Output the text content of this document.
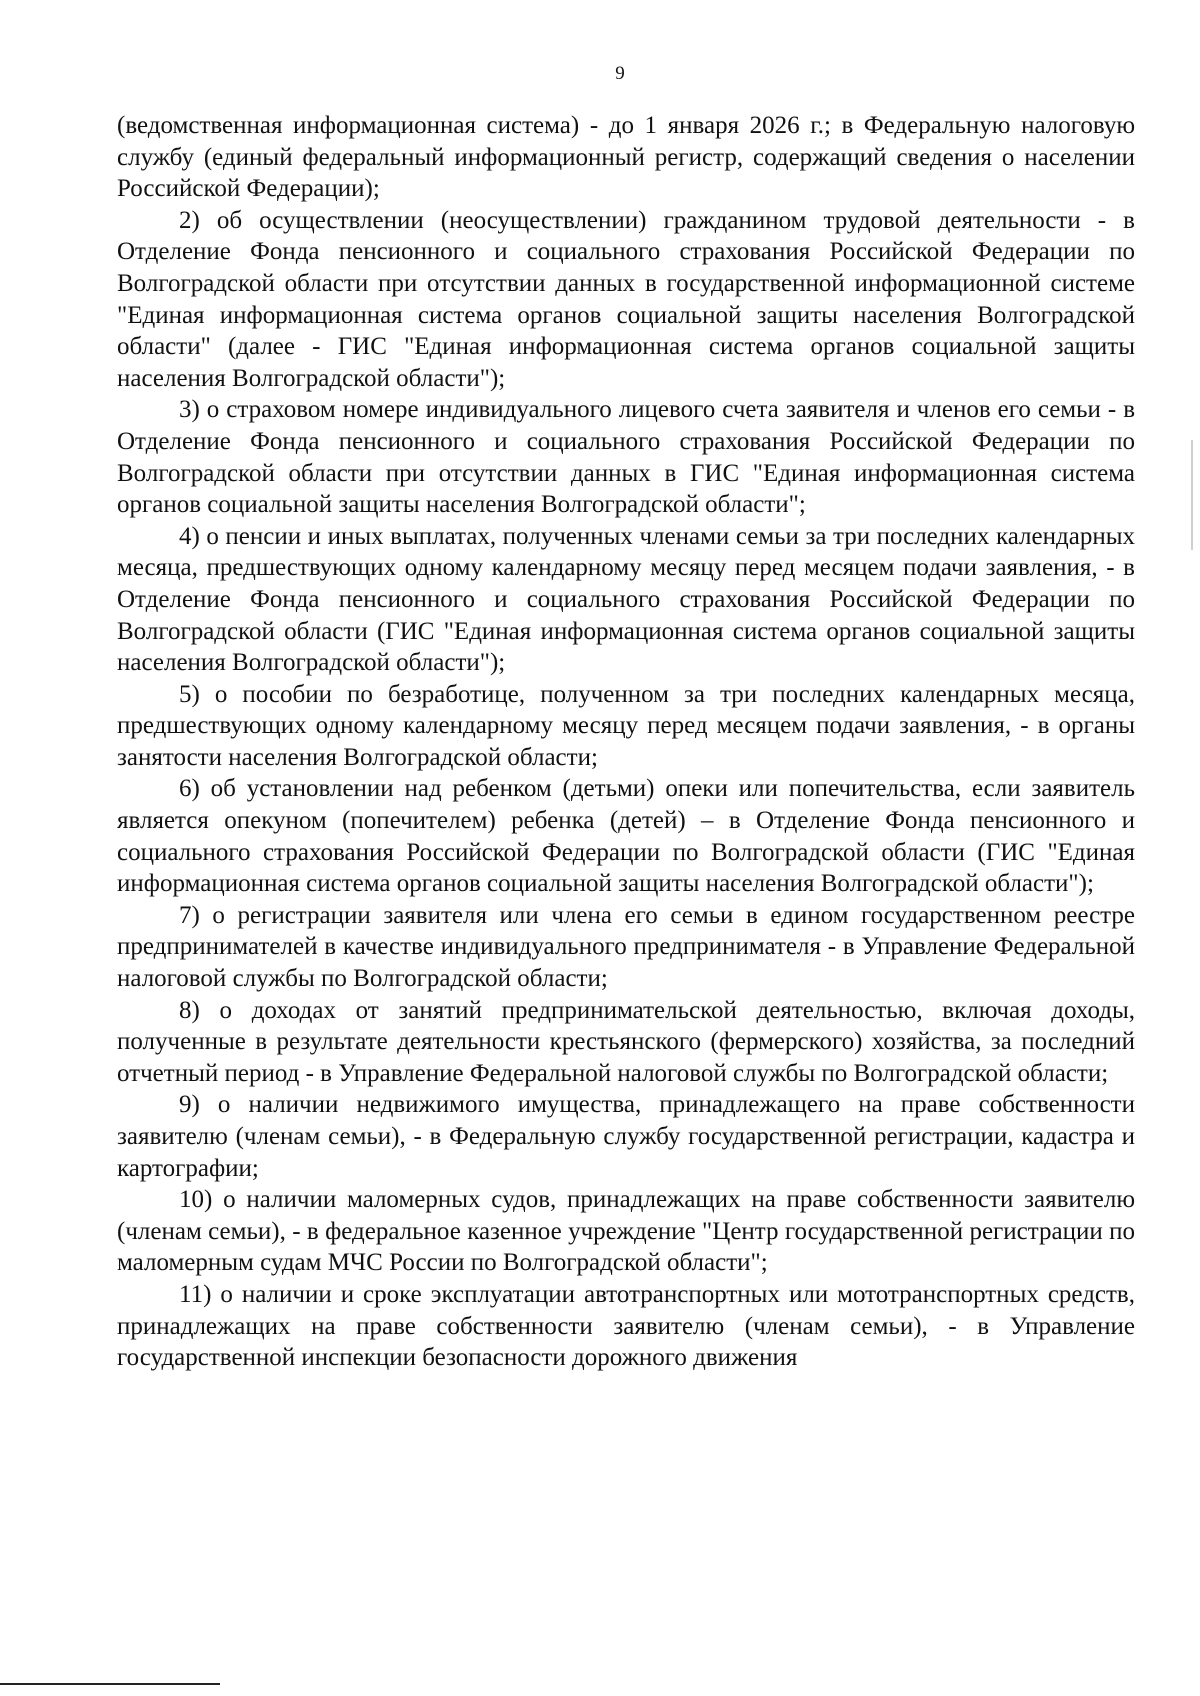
9

(ведомственная информационная система) - до 1 января 2026 г.; в Федеральную налоговую службу (единый федеральный информационный регистр, содержащий сведения о населении Российской Федерации);

2) об осуществлении (неосуществлении) гражданином трудовой деятельности - в Отделение Фонда пенсионного и социального страхования Российской Федерации по Волгоградской области при отсутствии данных в государственной информационной системе "Единая информационная система органов социальной защиты населения Волгоградской области" (далее - ГИС "Единая информационная система органов социальной защиты населения Волгоградской области");

3) о страховом номере индивидуального лицевого счета заявителя и членов его семьи - в Отделение Фонда пенсионного и социального страхования Российской Федерации по Волгоградской области при отсутствии данных в ГИС "Единая информационная система органов социальной защиты населения Волгоградской области";

4) о пенсии и иных выплатах, полученных членами семьи за три последних календарных месяца, предшествующих одному календарному месяцу перед месяцем подачи заявления, - в Отделение Фонда пенсионного и социального страхования Российской Федерации по Волгоградской области (ГИС "Единая информационная система органов социальной защиты населения Волгоградской области");

5) о пособии по безработице, полученном за три последних календарных месяца, предшествующих одному календарному месяцу перед месяцем подачи заявления, - в органы занятости населения Волгоградской области;

6) об установлении над ребенком (детьми) опеки или попечительства, если заявитель является опекуном (попечителем) ребенка (детей) – в Отделение Фонда пенсионного и социального страхования Российской Федерации по Волгоградской области (ГИС "Единая информационная система органов социальной защиты населения Волгоградской области");

7) о регистрации заявителя или члена его семьи в едином государственном реестре предпринимателей в качестве индивидуального предпринимателя - в Управление Федеральной налоговой службы по Волгоградской области;

8) о доходах от занятий предпринимательской деятельностью, включая доходы, полученные в результате деятельности крестьянского (фермерского) хозяйства, за последний отчетный период - в Управление Федеральной налоговой службы по Волгоградской области;

9) о наличии недвижимого имущества, принадлежащего на праве собственности заявителю (членам семьи), - в Федеральную службу государственной регистрации, кадастра и картографии;

10) о наличии маломерных судов, принадлежащих на праве собственности заявителю (членам семьи), - в федеральное казенное учреждение "Центр государственной регистрации по маломерным судам МЧС России по Волгоградской области";

11) о наличии и сроке эксплуатации автотранспортных или мототранспортных средств, принадлежащих на праве собственности заявителю (членам семьи), - в Управление государственной инспекции безопасности дорожного движения
